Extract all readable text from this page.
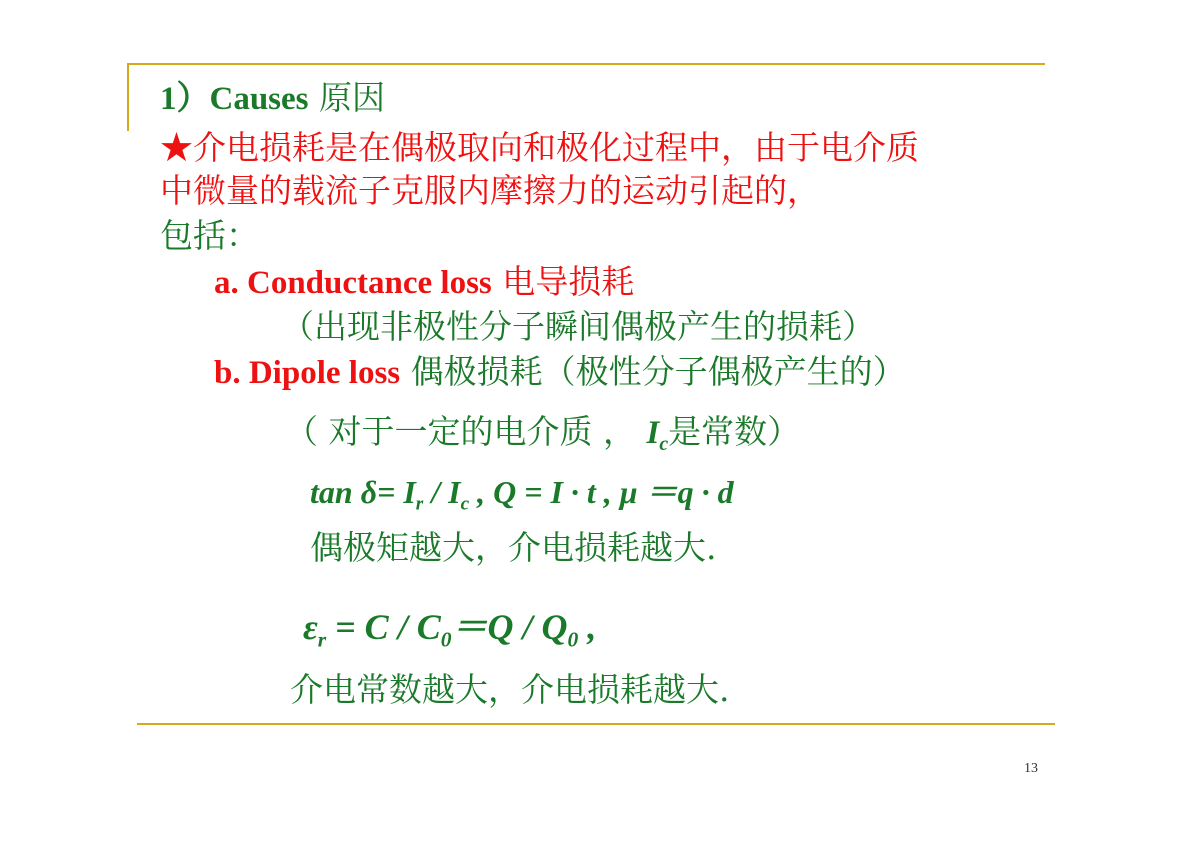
1）Causes 原因
★介电损耗是在偶极取向和极化过程中，由于电介质
中微量的载流子克服内摩擦力的运动引起的，
包括：
a. Conductance loss 电导损耗
（出现非极性分子瞬间偶极产生的损耗）
b. Dipole loss 偶极损耗（极性分子偶极产生的）
（ 对于一定的电介质 ， $I_c$是常数）
$\tan \delta= I_r / I_c$ , Q = I · t , μ ＝q · d
偶极矩越大，介电损耗越大.
$\varepsilon_r = C / C_0=Q / Q_0$ ,
介电常数越大，介电损耗越大.
13
